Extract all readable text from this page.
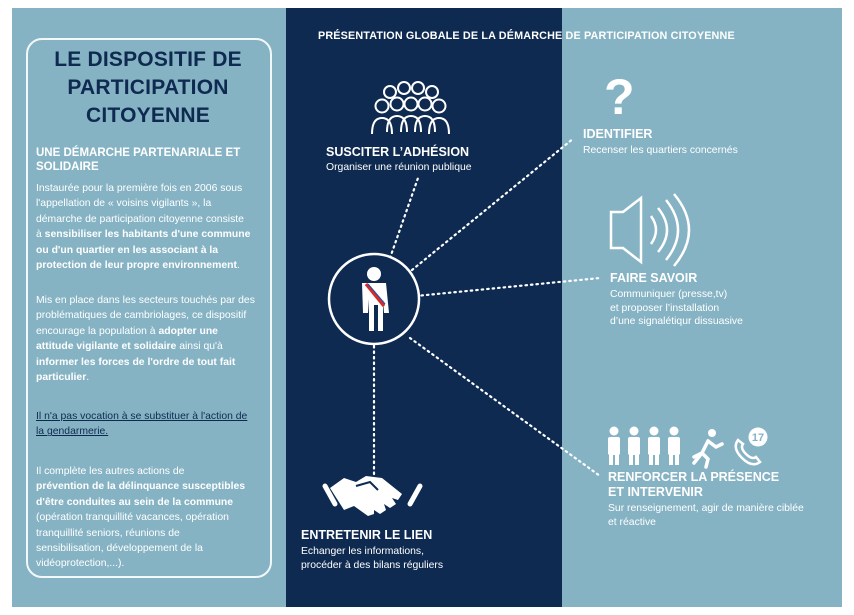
LE DISPOSITIF DE
PARTICIPATION
CITOYENNE
UNE DÉMARCHE PARTENARIALE ET
SOLIDAIRE
Instaurée pour la première fois en 2006 sous
l'appellation de « voisins vigilants », la
démarche de participation citoyenne consiste
à sensibiliser les habitants d'une commune
ou d'un quartier en les associant à la
protection de leur propre environnement.
Mis en place dans les secteurs touchés par des
problématiques de cambriolages, ce dispositif
encourage la population à adopter une
attitude vigilante et solidaire ainsi qu'à
informer les forces de l'ordre de tout fait
particulier.
Il n'a pas vocation à se substituer à l'action de
la gendarmerie.
Il complète les autres actions de
prévention de la délinquance susceptibles
d'être conduites au sein de la commune
(opération tranquillité vacances, opération
tranquillité seniors, réunions de
sensibilisation, développement de la
vidéoprotection,...).
PRÉSENTATION GLOBALE DE LA DÉMARCHE DE PARTICIPATION CITOYENNE
17
?
SUSCITER L’ADHÉSION
Organiser une réunion publique
IDENTIFIER
Recenser les quartiers concernés
FAIRE SAVOIR
Communiquer (presse,tv)
et proposer l’installation
d’une signalétiqur dissuasive
RENFORCER LA PRÉSENCE
ET INTERVENIR
Sur renseignement, agir de manière ciblée
et réactive
ENTRETENIR LE LIEN
Echanger les informations,
procéder à des bilans réguliers
